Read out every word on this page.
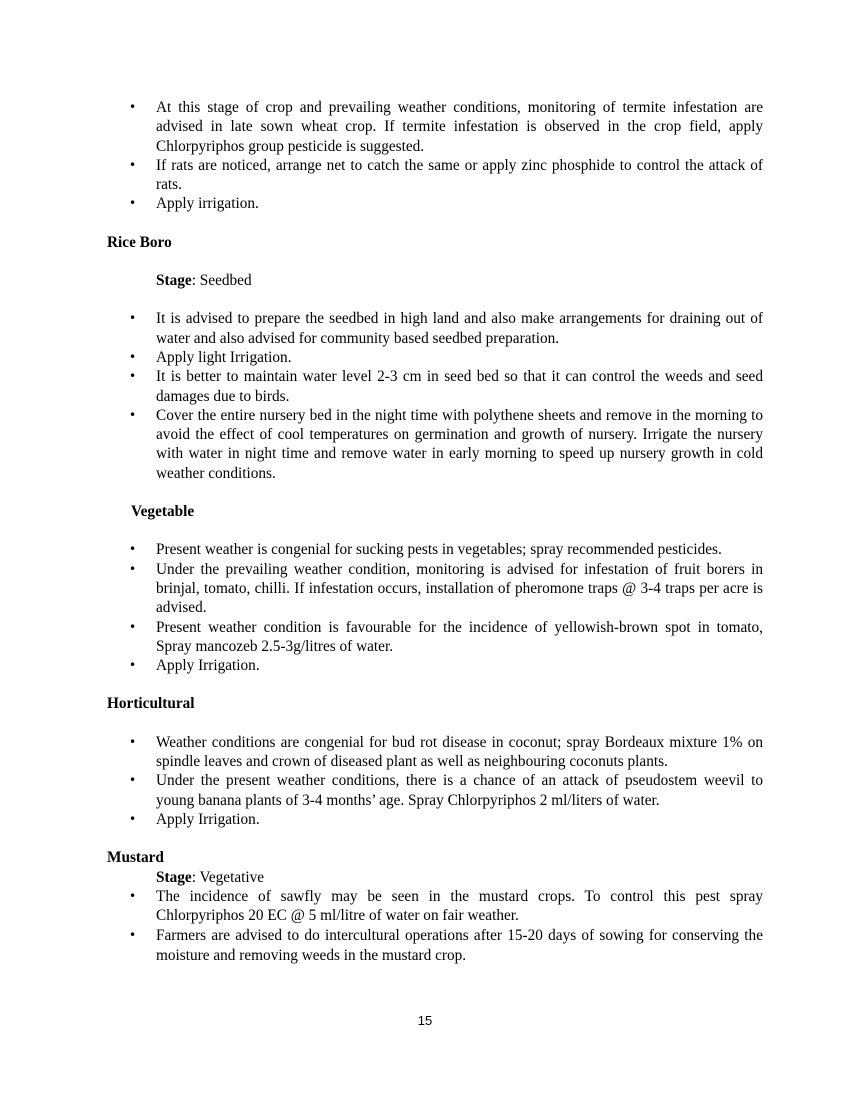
• At this stage of crop and prevailing weather conditions, monitoring of termite infestation are advised in late sown wheat crop. If termite infestation is observed in the crop field, apply Chlorpyriphos group pesticide is suggested.
• If rats are noticed, arrange net to catch the same or apply zinc phosphide to control the attack of rats.
• Apply irrigation.

Rice Boro

Stage: Seedbed
• It is advised to prepare the seedbed in high land and also make arrangements for draining out of water and also advised for community based seedbed preparation.
• Apply light Irrigation.
• It is better to maintain water level 2-3 cm in seed bed so that it can control the weeds and seed damages due to birds.
• Cover the entire nursery bed in the night time with polythene sheets and remove in the morning to avoid the effect of cool temperatures on germination and growth of nursery. Irrigate the nursery with water in night time and remove water in early morning to speed up nursery growth in cold weather conditions.

Vegetable

• Present weather is congenial for sucking pests in vegetables; spray recommended pesticides.
• Under the prevailing weather condition, monitoring is advised for infestation of fruit borers in brinjal, tomato, chilli. If infestation occurs, installation of pheromone traps @ 3-4 traps per acre is advised.
• Present weather condition is favourable for the incidence of yellowish-brown spot in tomato, Spray mancozeb 2.5-3g/litres of water.
• Apply Irrigation.

Horticultural

• Weather conditions are congenial for bud rot disease in coconut; spray Bordeaux mixture 1% on spindle leaves and crown of diseased plant as well as neighbouring coconuts plants.
• Under the present weather conditions, there is a chance of an attack of pseudostem weevil to young banana plants of 3-4 months’ age. Spray Chlorpyriphos 2 ml/liters of water.
• Apply Irrigation.

Mustard

Stage: Vegetative
• The incidence of sawfly may be seen in the mustard crops. To control this pest spray Chlorpyriphos 20 EC @ 5 ml/litre of water on fair weather.
• Farmers are advised to do intercultural operations after 15-20 days of sowing for conserving the moisture and removing weeds in the mustard crop.
15
